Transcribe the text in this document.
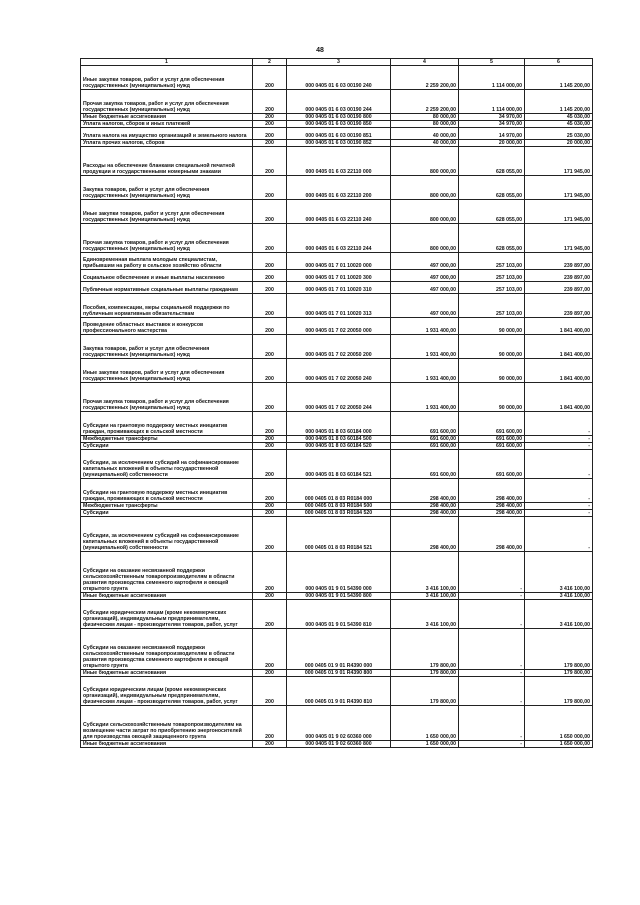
48
1	2	3	4	5	6
Иные закупки товаров, работ и услуг для обеспечения государственных (муниципальных) нужд	200	000 0405 01 6 03 00190 240	2 259 200,00	1 114 000,00	1 145 200,00
Прочая закупка товаров, работ и услуг для обеспечения государственных (муниципальных) нужд	200	000 0405 01 6 03 00190 244	2 259 200,00	1 114 000,00	1 145 200,00
Иные бюджетные ассигнования	200	000 0405 01 6 03 00190 800	80 000,00	34 970,00	45 030,00
Уплата налогов, сборов и иных платежей	200	000 0405 01 6 03 00190 850	80 000,00	34 970,00	45 030,00
Уплата налога на имущество организаций и земельного налога	200	000 0405 01 6 03 00190 851	40 000,00	14 970,00	25 030,00
Уплата прочих налогов, сборов	200	000 0405 01 6 03 00190 852	40 000,00	20 000,00	20 000,00
Расходы на обеспечение бланками специальной печатной продукции и государственными номерными знаками	200	000 0405 01 6 03 22110 000	800 000,00	628 055,00	171 945,00
Закупка товаров, работ и услуг для обеспечения государственных (муниципальных) нужд	200	000 0405 01 6 03 22110 200	800 000,00	628 055,00	171 945,00
Иные закупки товаров, работ и услуг для обеспечения государственных (муниципальных) нужд	200	000 0405 01 6 03 22110 240	800 000,00	628 055,00	171 945,00
Прочая закупка товаров, работ и услуг для обеспечения государственных (муниципальных) нужд	200	000 0405 01 6 03 22110 244	800 000,00	628 055,00	171 945,00
Единовременная выплата молодым специалистам, прибывшим на работу в сельское хозяйство области	200	000 0405 01 7 01 10020 000	497 000,00	257 103,00	239 897,00
Социальное обеспечение и иные выплаты населению	200	000 0405 01 7 01 10020 300	497 000,00	257 103,00	239 897,00
Публичные нормативные социальные выплаты гражданам	200	000 0405 01 7 01 10020 310	497 000,00	257 103,00	239 897,00
Пособия, компенсации, меры социальной поддержки по публичным нормативным обязательствам	200	000 0405 01 7 01 10020 313	497 000,00	257 103,00	239 897,00
Проведение областных выставок и конкурсов профессионального мастерства	200	000 0405 01 7 02 20050 000	1 931 400,00	90 000,00	1 841 400,00
Закупка товаров, работ и услуг для обеспечения государственных (муниципальных) нужд	200	000 0405 01 7 02 20050 200	1 931 400,00	90 000,00	1 841 400,00
Иные закупки товаров, работ и услуг для обеспечения государственных (муниципальных) нужд	200	000 0405 01 7 02 20050 240	1 931 400,00	90 000,00	1 841 400,00
Прочая закупка товаров, работ и услуг для обеспечения государственных (муниципальных) нужд	200	000 0405 01 7 02 20050 244	1 931 400,00	90 000,00	1 841 400,00
Субсидии на грантовую поддержку местных инициатив граждан, проживающих в сельской местности	200	000 0405 01 8 03 60184 000	691 600,00	691 600,00	-
Межбюджетные трансферты	200	000 0405 01 8 03 60184 500	691 600,00	691 600,00	-
Субсидии	200	000 0405 01 8 03 60184 520	691 600,00	691 600,00	-
Субсидии, за исключением субсидий на софинансирование капитальных вложений в объекты государственной (муниципальной) собственности	200	000 0405 01 8 03 60184 521	691 600,00	691 600,00	-
Субсидии на грантовую поддержку местных инициатив граждан, проживающих в сельской местности	200	000 0405 01 8 03 R0184 000	298 400,00	298 400,00	-
Межбюджетные трансферты	200	000 0405 01 8 03 R0184 500	298 400,00	298 400,00	-
Субсидии	200	000 0405 01 8 03 R0184 520	298 400,00	298 400,00	-
Субсидии, за исключением субсидий на софинансирование капитальных вложений в объекты государственной (муниципальной) собственности	200	000 0405 01 8 03 R0184 521	298 400,00	298 400,00	-
Субсидии на оказание несвязанной поддержки сельскохозяйственным товаропроизводителям в области развития производства семенного картофеля и овощей открытого грунта	200	000 0405 01 9 01 54390 000	3 416 100,00	-	3 416 100,00
Иные бюджетные ассигнования	200	000 0405 01 9 01 54390 800	3 416 100,00	-	3 416 100,00
Субсидии юридическим лицам (кроме некоммерческих организаций), индивидуальным предпринимателям, физическим лицам - производителям товаров, работ, услуг	200	000 0405 01 9 01 54390 810	3 416 100,00	-	3 416 100,00
Субсидии на оказание несвязанной поддержки сельскохозяйственным товаропроизводителям в области развития производства семенного картофеля и овощей открытого грунта	200	000 0405 01 9 01 R4390 000	179 800,00	-	179 800,00
Иные бюджетные ассигнования	200	000 0405 01 9 01 R4390 800	179 800,00	-	179 800,00
Субсидии юридическим лицам (кроме некоммерческих организаций), индивидуальным предпринимателям, физическим лицам - производителям товаров, работ, услуг	200	000 0405 01 9 01 R4390 810	179 800,00	-	179 800,00
Субсидии сельскохозяйственным товаропроизводителям на возмещение части затрат по приобретению энергоносителей для производства овощей защищенного грунта	200	000 0405 01 9 02 60360 000	1 650 000,00	-	1 650 000,00
Иные бюджетные ассигнования	200	000 0405 01 9 02 60360 800	1 650 000,00	-	1 650 000,00
